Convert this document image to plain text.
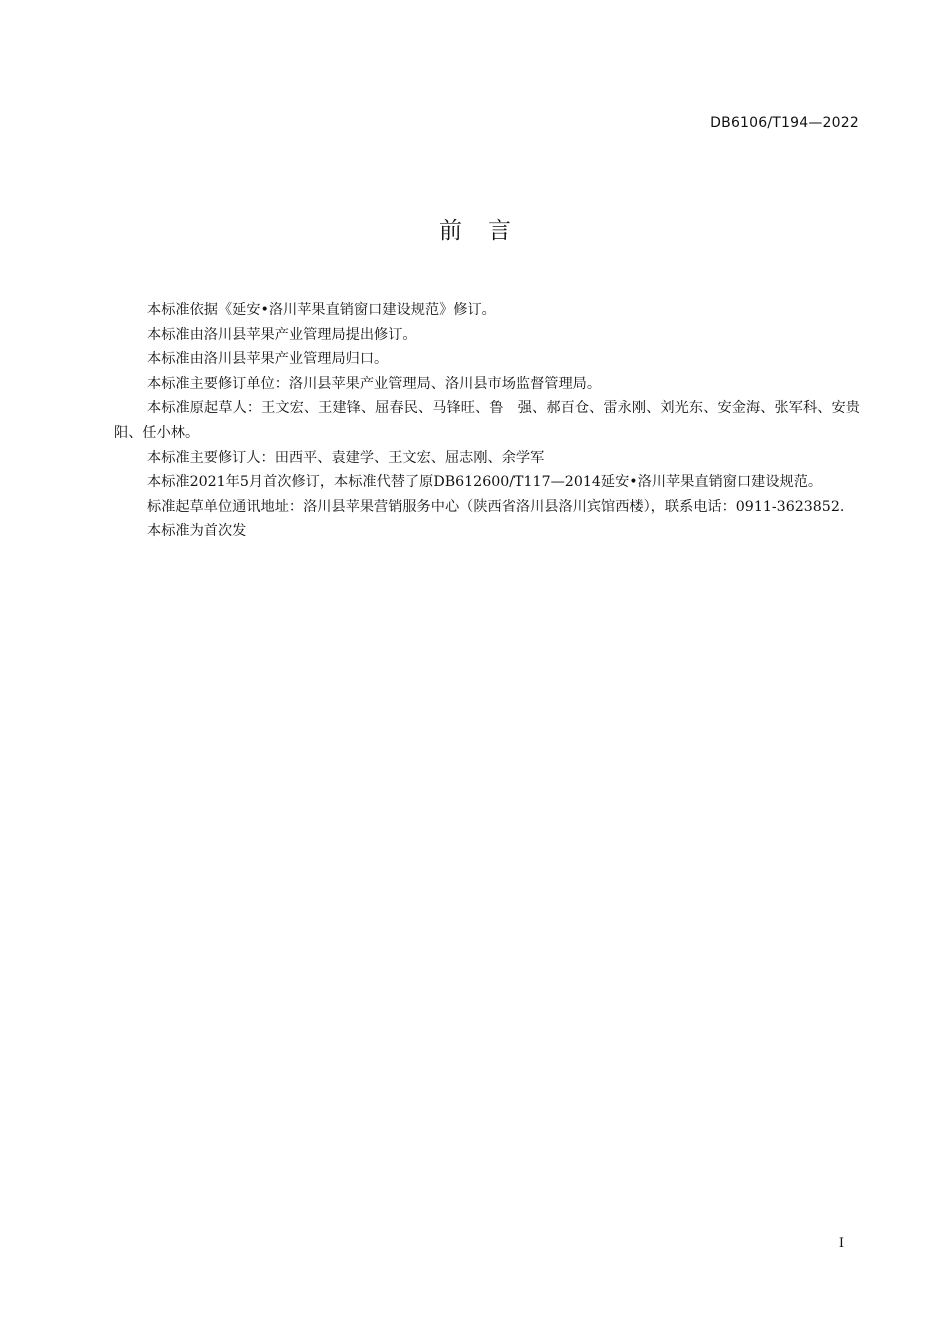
DB6106/T194—2022
前言

本标准依据《延安•洛川苹果直销窗口建设规范》修订。

本标准由洛川县苹果产业管理局提出修订。

本标准由洛川县苹果产业管理局归口。

本标准主要修订单位：洛川县苹果产业管理局、洛川县市场监督管理局。

本标准原起草人：王文宏、王建锋、屈春民、马锋旺、鲁　强、郝百仓、雷永刚、刘光东、安金海、张军科、安贵阳、任小林。

本标准主要修订人：田西平、袁建学、王文宏、屈志刚、余学军

本标准2021年5月首次修订，本标准代替了原DB612600/T117—2014延安•洛川苹果直销窗口建设规范。

标准起草单位通讯地址：洛川县苹果营销服务中心（陕西省洛川县洛川宾馆西楼），联系电话：0911-3623852.

本标准为首次发

I
